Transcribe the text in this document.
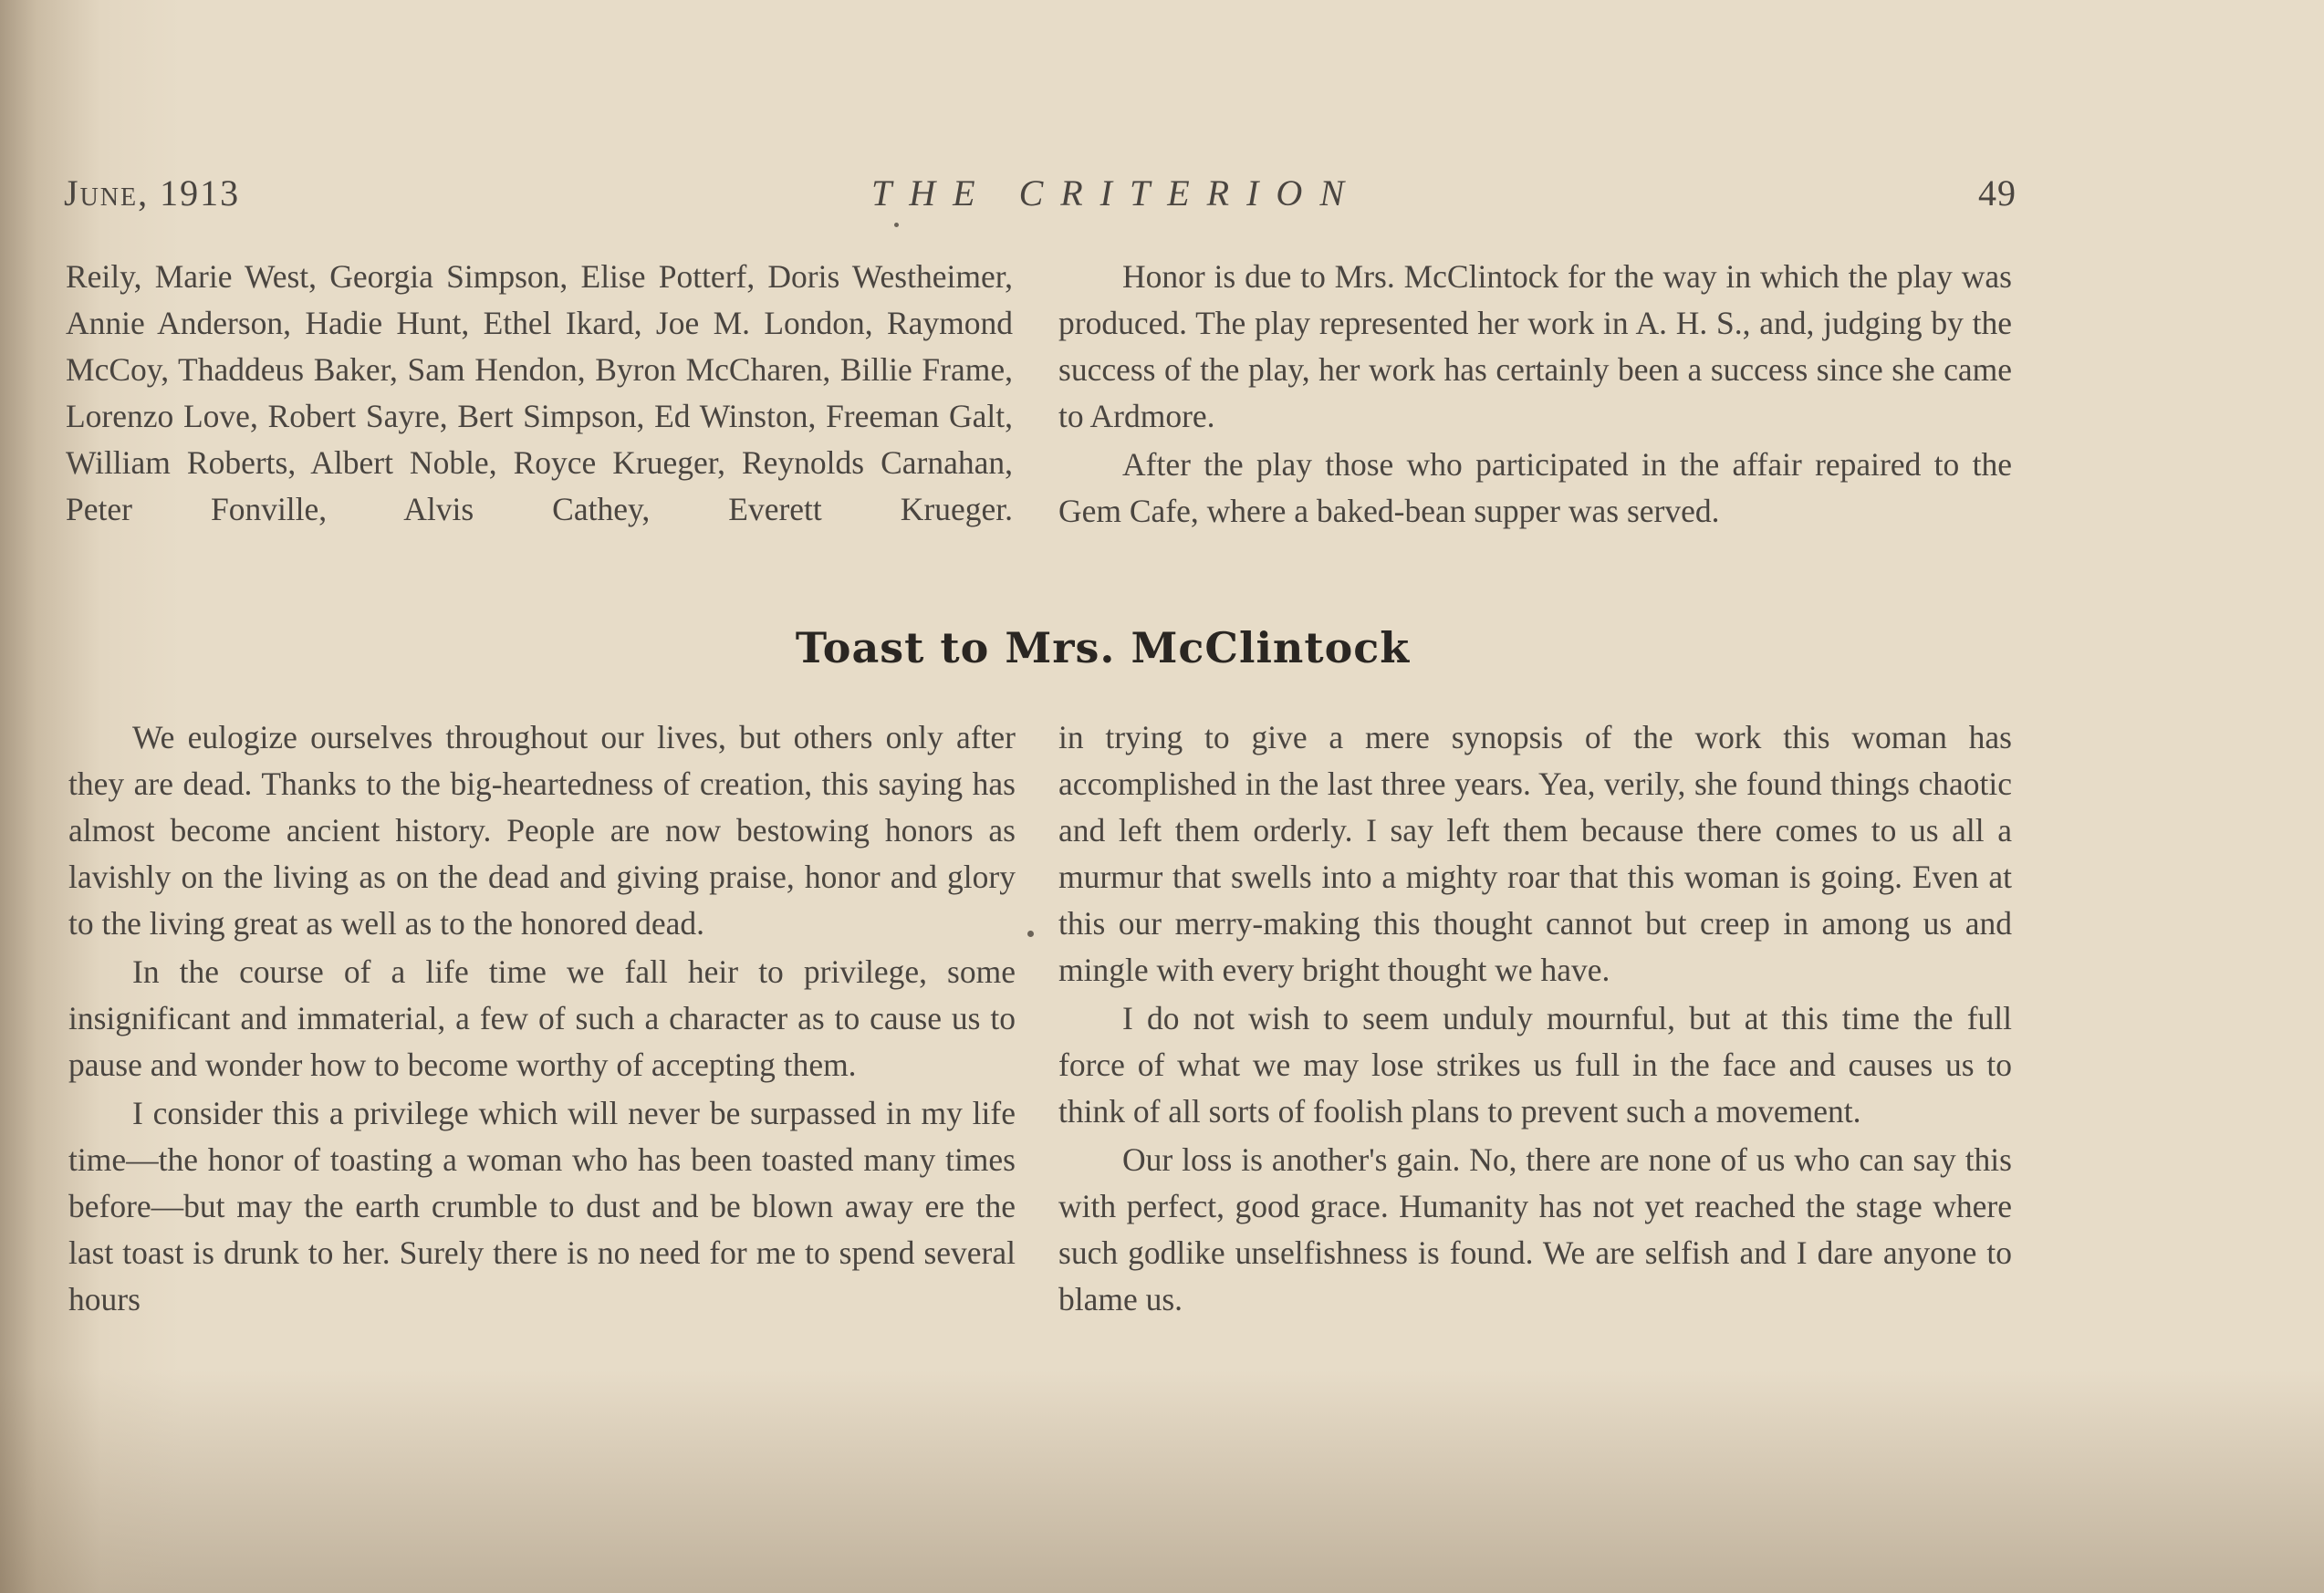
June, 1913	THE CRITERION	49

Reily, Marie West, Georgia Simpson, Elise Potterf, Doris Westheimer, Annie Anderson, Hadie Hunt, Ethel Ikard, Joe M. London, Raymond McCoy, Thaddeus Baker, Sam Hendon, Byron McCharen, Billie Frame, Lorenzo Love, Robert Sayre, Bert Simpson, Ed Winston, Freeman Galt, William Roberts, Albert Noble, Royce Krueger, Reynolds Carnahan, Peter Fonville, Alvis Cathey, Everett Krueger.

Honor is due to Mrs. McClintock for the way in which the play was produced. The play represented her work in A. H. S., and, judging by the success of the play, her work has certainly been a success since she came to Ardmore.

After the play those who participated in the affair repaired to the Gem Cafe, where a baked-bean supper was served.

Toast to Mrs. McClintock

We eulogize ourselves throughout our lives, but others only after they are dead. Thanks to the big-heartedness of creation, this saying has almost become ancient history. People are now bestowing honors as lavishly on the living as on the dead and giving praise, honor and glory to the living great as well as to the honored dead.

In the course of a life time we fall heir to privilege, some insignificant and immaterial, a few of such a character as to cause us to pause and wonder how to become worthy of accepting them.

I consider this a privilege which will never be surpassed in my life time—the honor of toasting a woman who has been toasted many times before—but may the earth crumble to dust and be blown away ere the last toast is drunk to her. Surely there is no need for me to spend several hours

in trying to give a mere synopsis of the work this woman has accomplished in the last three years. Yea, verily, she found things chaotic and left them orderly. I say left them because there comes to us all a murmur that swells into a mighty roar that this woman is going. Even at this our merry-making this thought cannot but creep in among us and mingle with every bright thought we have.

I do not wish to seem unduly mournful, but at this time the full force of what we may lose strikes us full in the face and causes us to think of all sorts of foolish plans to prevent such a movement.

Our loss is another's gain. No, there are none of us who can say this with perfect, good grace. Humanity has not yet reached the stage where such godlike unselfishness is found. We are selfish and I dare anyone to blame us.
